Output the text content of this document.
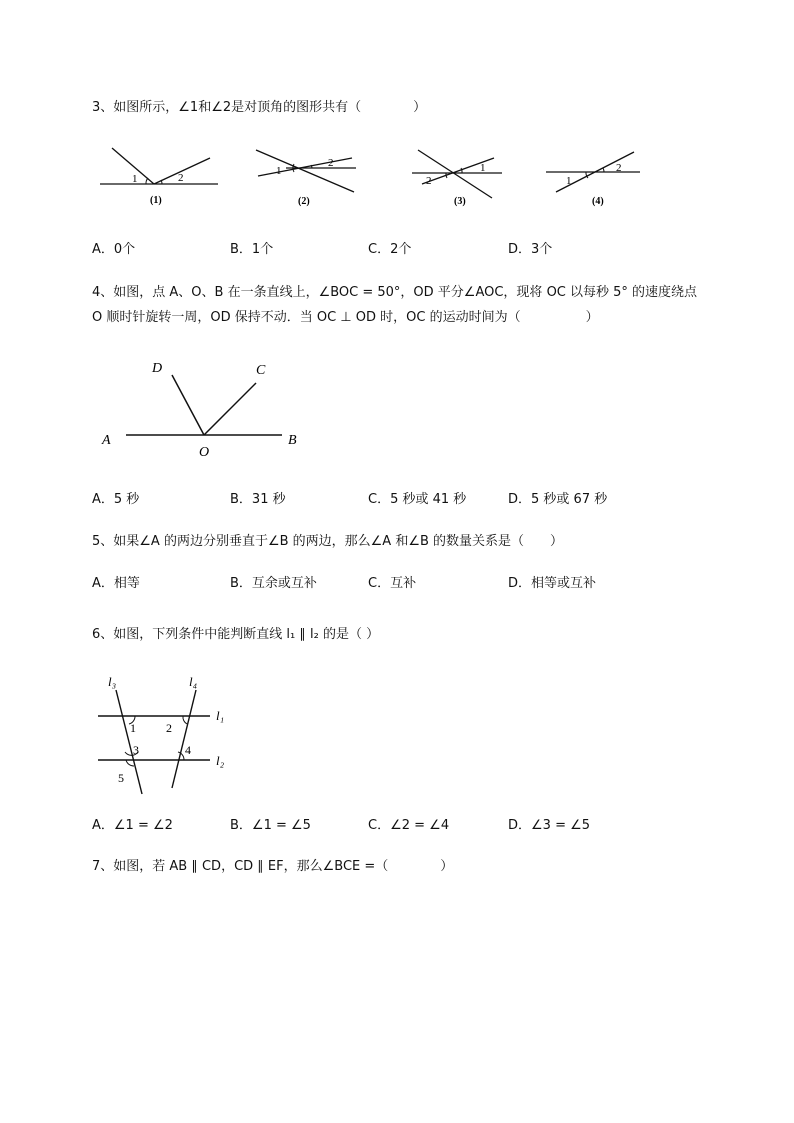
3、如图所示，∠1和∠2是对顶角的图形共有（　　　　）
1	2
(1)
1
2
(2)
2
1
(3)
1
2
(4)
A．0个	B．1个	C．2个	D．3个
4、如图，点 A、O、B 在一条直线上，∠BOC = 50°，OD 平分∠AOC，现将 OC 以每秒 5° 的速度绕点
O 顺时针旋转一周，OD 保持不动．当 OC ⊥ OD 时，OC 的运动时间为（　　　　　）
D	C
A	B
O
A．5 秒	B．31 秒	C．5 秒或 41 秒	D．5 秒或 67 秒
5、如果∠A 的两边分别垂直于∠B 的两边，那么∠A 和∠B 的数量关系是（　　）
A．相等	B．互余或互补	C．互补	D．相等或互补
6、如图，下列条件中能判断直线 l₁ ∥ l₂ 的是（ ）
l₃	l₄
l₁
l₂
1	2
3	4
5
A．∠1 = ∠2	B．∠1 = ∠5	C．∠2 = ∠4	D．∠3 = ∠5
7、如图，若 AB ∥ CD，CD ∥ EF，那么∠BCE =（　　　　）
